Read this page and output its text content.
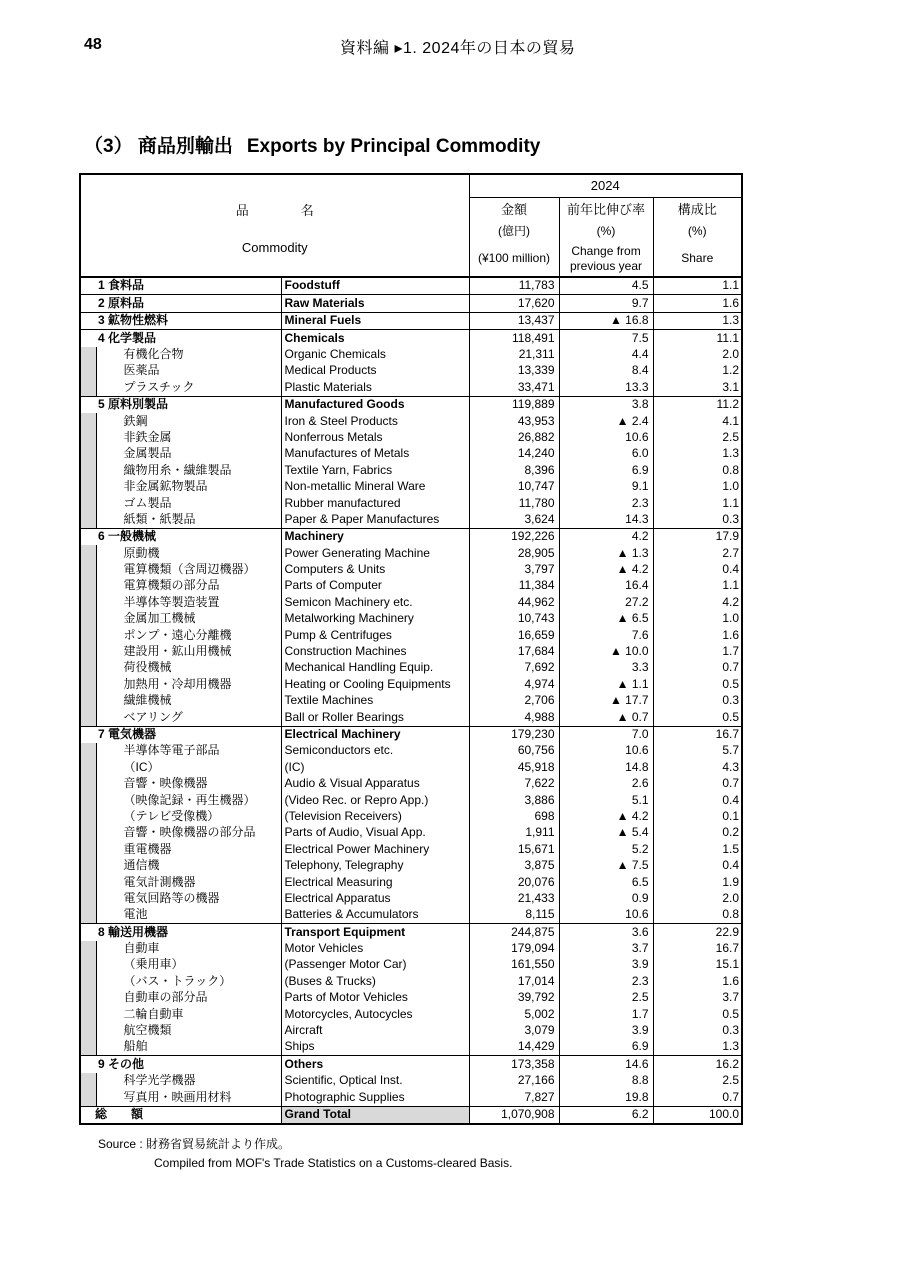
48	資料編 ▸1. 2024年の日本の貿易
（3） 商品別輸出 Exports by Principal Commodity
品　　　　名
Commodity			2024		
			金額	前年比伸び率	構成比
			(億円)	(%)	(%)
			(¥100 million)	Change from
previous year	Share
1 食料品		Foodstuff	11,783	4.5	1.1
2 原料品		Raw Materials	17,620	9.7	1.6
3 鉱物性燃料		Mineral Fuels	13,437	▲ 16.8	1.3
4 化学製品		Chemicals	118,491	7.5	11.1
	有機化合物	Organic Chemicals	21,311	4.4	2.0
	医薬品	Medical Products	13,339	8.4	1.2
	プラスチック	Plastic Materials	33,471	13.3	3.1
5 原料別製品		Manufactured Goods	119,889	3.8	11.2
	鉄鋼	Iron & Steel Products	43,953	▲ 2.4	4.1
	非鉄金属	Nonferrous Metals	26,882	10.6	2.5
	金属製品	Manufactures of Metals	14,240	6.0	1.3
	織物用糸・繊維製品	Textile Yarn, Fabrics	8,396	6.9	0.8
	非金属鉱物製品	Non-metallic Mineral Ware	10,747	9.1	1.0
	ゴム製品	Rubber manufactured	11,780	2.3	1.1
	紙類・紙製品	Paper & Paper Manufactures	3,624	14.3	0.3
6 一般機械		Machinery	192,226	4.2	17.9
	原動機	Power Generating Machine	28,905	▲ 1.3	2.7
	電算機類（含周辺機器）	Computers & Units	3,797	▲ 4.2	0.4
	電算機類の部分品	Parts of Computer	11,384	16.4	1.1
	半導体等製造装置	Semicon Machinery etc.	44,962	27.2	4.2
	金属加工機械	Metalworking Machinery	10,743	▲ 6.5	1.0
	ポンプ・遠心分離機	Pump & Centrifuges	16,659	7.6	1.6
	建設用・鉱山用機械	Construction Machines	17,684	▲ 10.0	1.7
	荷役機械	Mechanical Handling Equip.	7,692	3.3	0.7
	加熱用・冷却用機器	Heating or Cooling Equipments	4,974	▲ 1.1	0.5
	繊維機械	Textile Machines	2,706	▲ 17.7	0.3
	ベアリング	Ball or Roller Bearings	4,988	▲ 0.7	0.5
7 電気機器		Electrical Machinery	179,230	7.0	16.7
	半導体等電子部品	Semiconductors etc.	60,756	10.6	5.7
	（IC）	(IC)	45,918	14.8	4.3
	音響・映像機器	Audio & Visual Apparatus	7,622	2.6	0.7
	（映像記録・再生機器）	(Video Rec. or Repro App.)	3,886	5.1	0.4
	（テレビ受像機）	(Television Receivers)	698	▲ 4.2	0.1
	音響・映像機器の部分品	Parts of Audio, Visual App.	1,911	▲ 5.4	0.2
	重電機器	Electrical Power Machinery	15,671	5.2	1.5
	通信機	Telephony, Telegraphy	3,875	▲ 7.5	0.4
	電気計測機器	Electrical Measuring	20,076	6.5	1.9
	電気回路等の機器	Electrical Apparatus	21,433	0.9	2.0
	電池	Batteries & Accumulators	8,115	10.6	0.8
8 輸送用機器		Transport Equipment	244,875	3.6	22.9
	自動車	Motor Vehicles	179,094	3.7	16.7
	（乗用車）	(Passenger Motor Car)	161,550	3.9	15.1
	（バス・トラック）	(Buses & Trucks)	17,014	2.3	1.6
	自動車の部分品	Parts of Motor Vehicles	39,792	2.5	3.7
	二輪自動車	Motorcycles, Autocycles	5,002	1.7	0.5
	航空機類	Aircraft	3,079	3.9	0.3
	船舶	Ships	14,429	6.9	1.3
9 その他		Others	173,358	14.6	16.2
	科学光学機器	Scientific, Optical Inst.	27,166	8.8	2.5
	写真用・映画用材料	Photographic Supplies	7,827	19.8	0.7
総　　額		Grand Total	1,070,908	6.2	100.0
Source : 財務省貿易統計より作成。
Compiled from MOF's Trade Statistics on a Customs-cleared Basis.
